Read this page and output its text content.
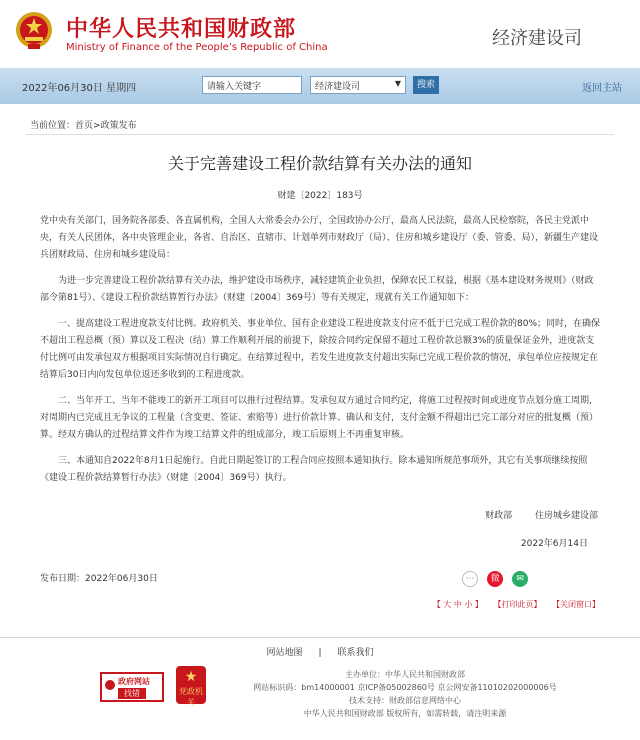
中华人民共和国财政部
Ministry of Finance of the People’s Republic of China	经济建设司
2022年06月30日 星期四
请输入关键字	经济建设司	▼	搜索	返回主站
当前位置：首页>政策发布
关于完善建设工程价款结算有关办法的通知
财建〔2022〕183号

党中央有关部门，国务院各部委、各直属机构，全国人大常委会办公厅，全国政协办公厅，最高人民法院，最高人民检察院，各民主党派中央，有关人民团体，各中央管理企业，各省、自治区、直辖市、计划单列市财政厅（局）、住房和城乡建设厅（委、管委、局），新疆生产建设兵团财政局、住房和城乡建设局：

为进一步完善建设工程价款结算有关办法，维护建设市场秩序，减轻建筑企业负担，保障农民工权益，根据《基本建设财务规则》（财政部令第81号）、《建设工程价款结算暂行办法》（财建〔2004〕369号）等有关规定，现就有关工作通知如下：

一、提高建设工程进度款支付比例。政府机关、事业单位、国有企业建设工程进度款支付应不低于已完成工程价款的80%；同时，在确保不超出工程总概（预）算以及工程决（结）算工作顺利开展的前提下，除按合同约定保留不超过工程价款总额3%的质量保证金外，进度款支付比例可由发承包双方根据项目实际情况自行确定。在结算过程中，若发生进度款支付超出实际已完成工程价款的情况，承包单位应按规定在结算后30日内向发包单位返还多收到的工程进度款。

二、当年开工、当年不能竣工的新开工项目可以推行过程结算。发承包双方通过合同约定，将施工过程按时间或进度节点划分施工周期，对周期内已完成且无争议的工程量（含变更、签证、索赔等）进行价款计算、确认和支付，支付金额不得超出已完工部分对应的批复概（预）算。经双方确认的过程结算文件作为竣工结算文件的组成部分，竣工后原则上不再重复审核。

三、本通知自2022年8月1日起施行。自此日期起签订的工程合同应按照本通知执行。除本通知所规范事项外，其它有关事项继续按照《建设工程价款结算暂行办法》（财建〔2004〕369号）执行。

财政部	住房城乡建设部
2022年6月14日
发布日期：2022年06月30日	⋯ 微 ✉
【 大 中 小 】 【打印此页】 【关闭窗口】
网站地图 | 联系我们
政府网站
找错
★
党政机关
主办单位：中华人民共和国财政部
网站标识码：bm14000001 京ICP备05002860号 京公网安备11010202000006号
技术支持：财政部信息网络中心
中华人民共和国财政部 版权所有，如需转载，请注明来源
